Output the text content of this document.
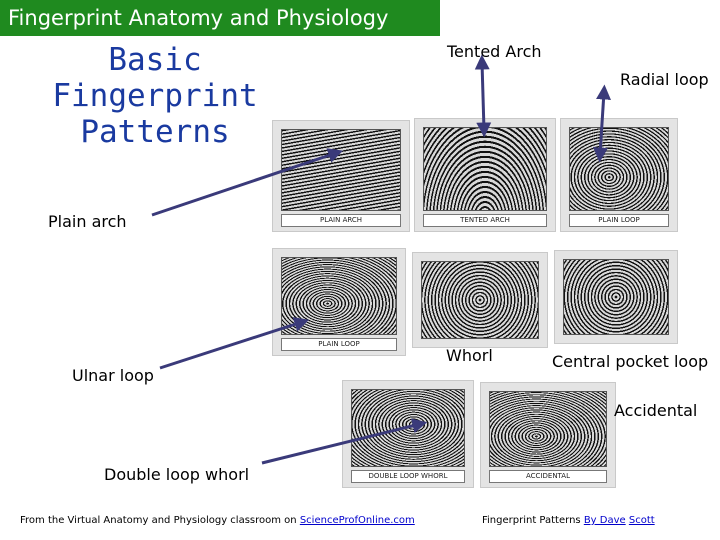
Fingerprint Anatomy and Physiology
Basic
Fingerprint
Patterns
PLAIN ARCH	TENTED ARCH	PLAIN LOOP
PLAIN LOOP
DOUBLE LOOP WHORL	ACCIDENTAL
Tented Arch
Radial loop
Plain arch
Ulnar loop
Whorl	Central pocket loop
Accidental
Double loop whorl
From the Virtual Anatomy and Physiology classroom on ScienceProfOnline.com	Fingerprint Patterns By Dave Scott
